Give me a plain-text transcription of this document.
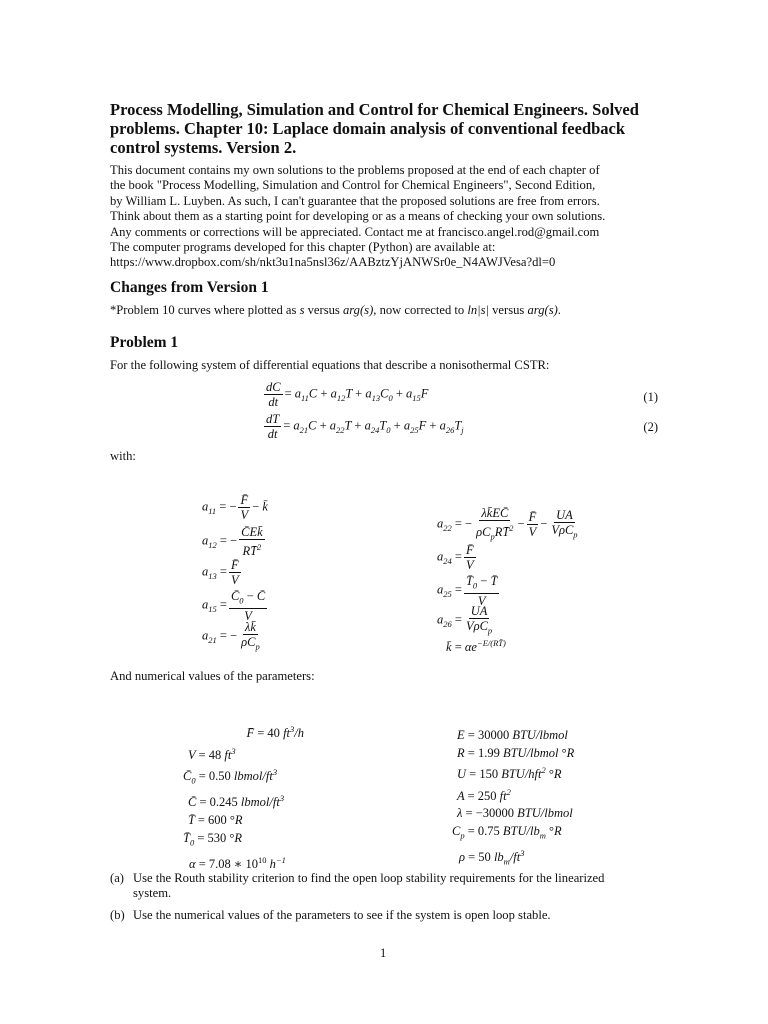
Process Modelling, Simulation and Control for Chemical Engineers. Solved problems. Chapter 10: Laplace domain analysis of conventional feedback control systems. Version 2.
This document contains my own solutions to the problems proposed at the end of each chapter of
the book "Process Modelling, Simulation and Control for Chemical Engineers", Second Edition,
by William L. Luyben. As such, I can't guarantee that the proposed solutions are free from errors.
Think about them as a starting point for developing or as a means of checking your own solutions.
Any comments or corrections will be appreciated. Contact me at francisco.angel.rod@gmail.com
The computer programs developed for this chapter (Python) are available at:
https://www.dropbox.com/sh/nkt3u1na5nsl36z/AABztzYjANWSr0e_N4AWJVesa?dl=0
Changes from Version 1
*Problem 10 curves where plotted as s versus arg(s), now corrected to ln|s| versus arg(s).
Problem 1
For the following system of differential equations that describe a nonisothermal CSTR:
$\frac{dC}{dt} = a_{11}C + a_{12}T + a_{13}C_0 + a_{15}F$	(1)
$\frac{dT}{dt} = a_{21}C + a_{22}T + a_{24}T_0 + a_{25}F + a_{26}T_j$	(2)
with:
$a_{11}$ = − $\frac{F̄}{V}$ − k̄
$a_{12}$ = − $\frac{C̄Ek̄}{RT̄^2}$
$a_{13} = \frac{F̄}{V}$
$a_{15} = \frac{C̄_0 - C̄}{V}$
$a_{21}$ = − $\frac{\lambda k̄}{\rho C_p}$
$a_{22}$ = − $\frac{\lambda k̄EC̄}{\rho C_pRT̄^2} - \frac{F̄}{V} - \frac{UA}{V\rho C_p}$
$a_{24} = \frac{F̄}{V}$
$a_{25} = \frac{T̄_0 - T̄}{V}$
$a_{26} = \frac{UA}{V\rho C_p}$
k̄ = $\alpha e^{-E/(RT̄)}$
And numerical values of the parameters:
F̄ = 40 $ft^3/h$
V = 48 $ft^3$
$C̄_0 = 0.50$ lbmol/$ft^3$
C̄ = 0.245 lbmol/$ft^3$
T̄ = 600 °R
$T̄_0 = 530$ °R
α = 7.08 ∗ $10^{10}$ $h^{-1}$
E = 30000 BTU/lbmol
R = 1.99 BTU/lbmol °R
U = 150 BTU/hft$^2$ °R
A = 250 $ft^2$
λ = −30000 BTU/lbmol
$C_p = 0.75$ BTU/$lb_m$ °R
ρ = 50 $lb_m/ft^3$
(a) Use the Routh stability criterion to find the open loop stability requirements for the linearized
system.
(b) Use the numerical values of the parameters to see if the system is open loop stable.
1
